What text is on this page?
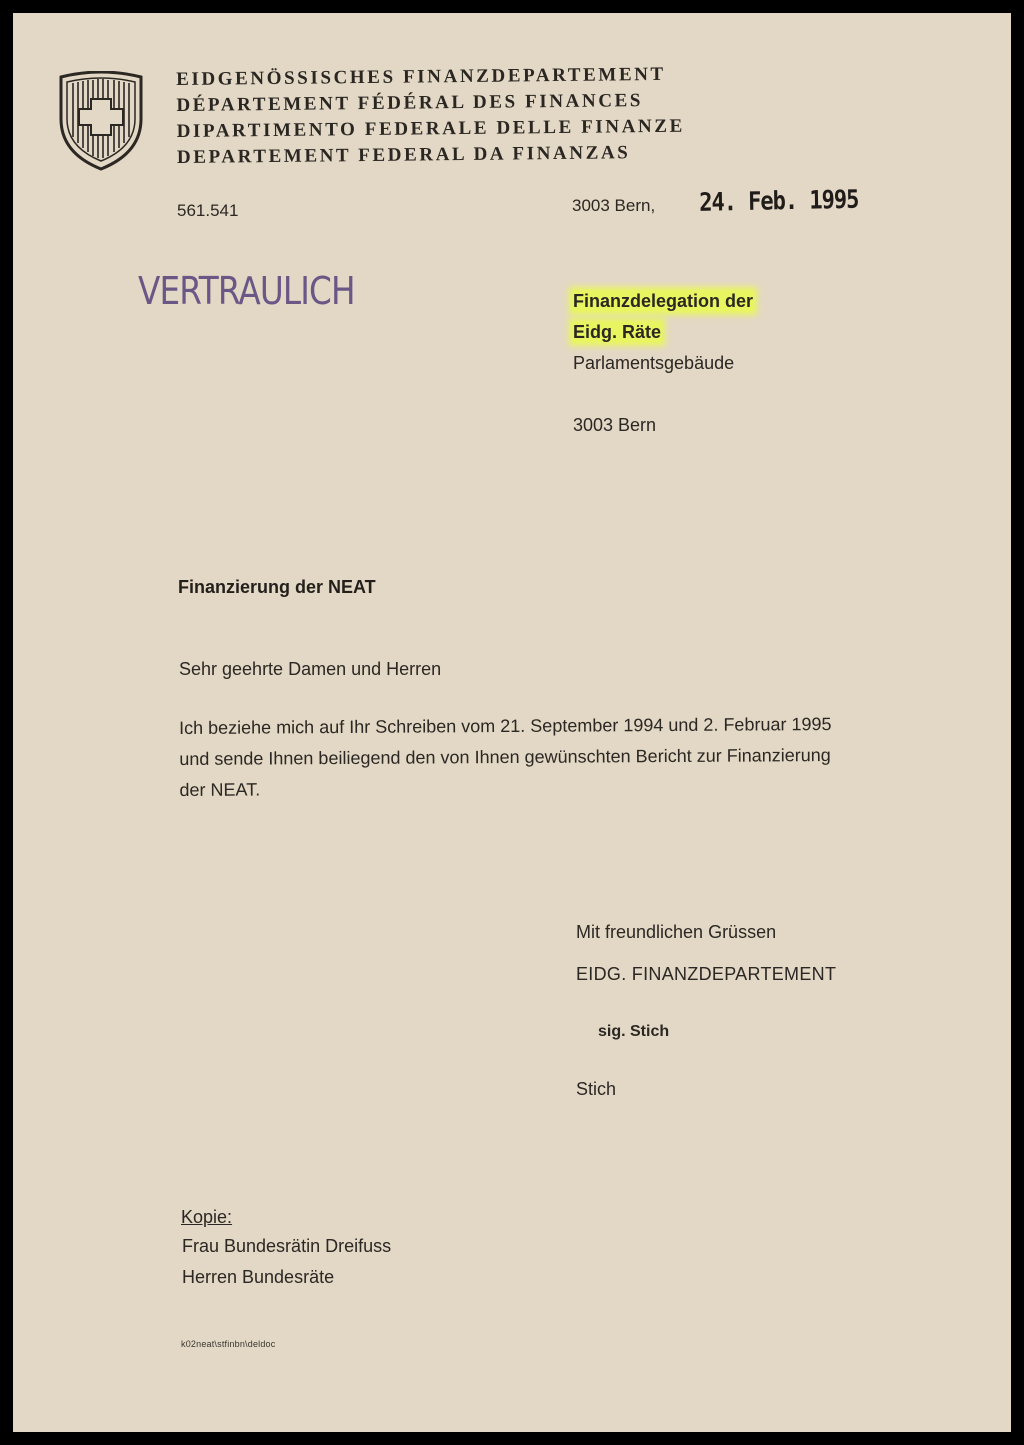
EIDGENÖSSISCHES FINANZDEPARTEMENT
DÉPARTEMENT FÉDÉRAL DES FINANCES
DIPARTIMENTO FEDERALE DELLE FINANZE
DEPARTEMENT FEDERAL DA FINANZAS
561.541	3003 Bern, 24. Feb. 1995
VERTRAULICH	Finanzdelegation der
Eidg. Räte
Parlamentsgebäude
3003 Bern
Finanzierung der NEAT
Sehr geehrte Damen und Herren
Ich beziehe mich auf Ihr Schreiben vom 21. September 1994 und 2. Februar 1995
und sende Ihnen beiliegend den von Ihnen gewünschten Bericht zur Finanzierung
der NEAT.
Mit freundlichen Grüssen
EIDG. FINANZDEPARTEMENT
sig. Stich
Stich
Kopie:
Frau Bundesrätin Dreifuss
Herren Bundesräte
k02neat\stfinbn\deldoc
